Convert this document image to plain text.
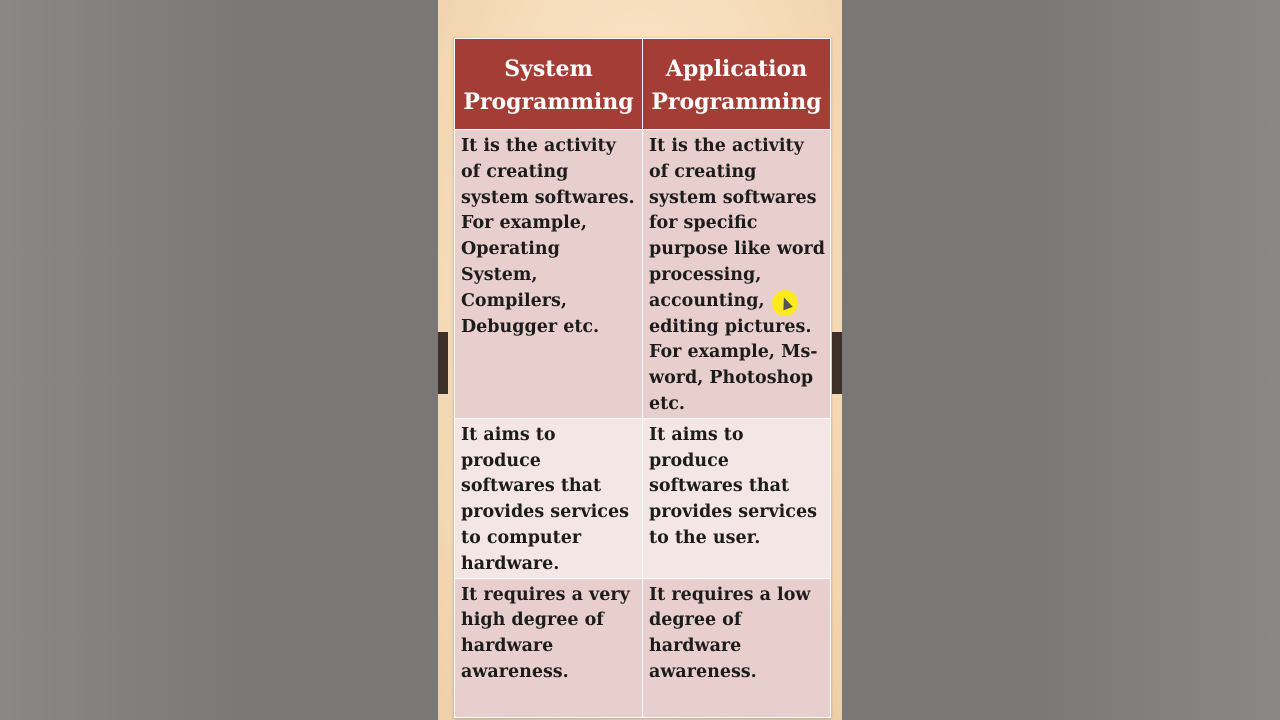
System Programming	Application Programming
It is the activity of creating system softwares. For example, Operating System, Compilers, Debugger etc.	It is the activity of creating system softwares for specific purpose like word processing, accounting, editing pictures. For example, Ms-word, Photoshop etc.
It aims to produce softwares that provides services to computer hardware.	It aims to produce softwares that provides services to the user.
It requires a very high degree of hardware awareness.	It requires a low degree of hardware awareness.
